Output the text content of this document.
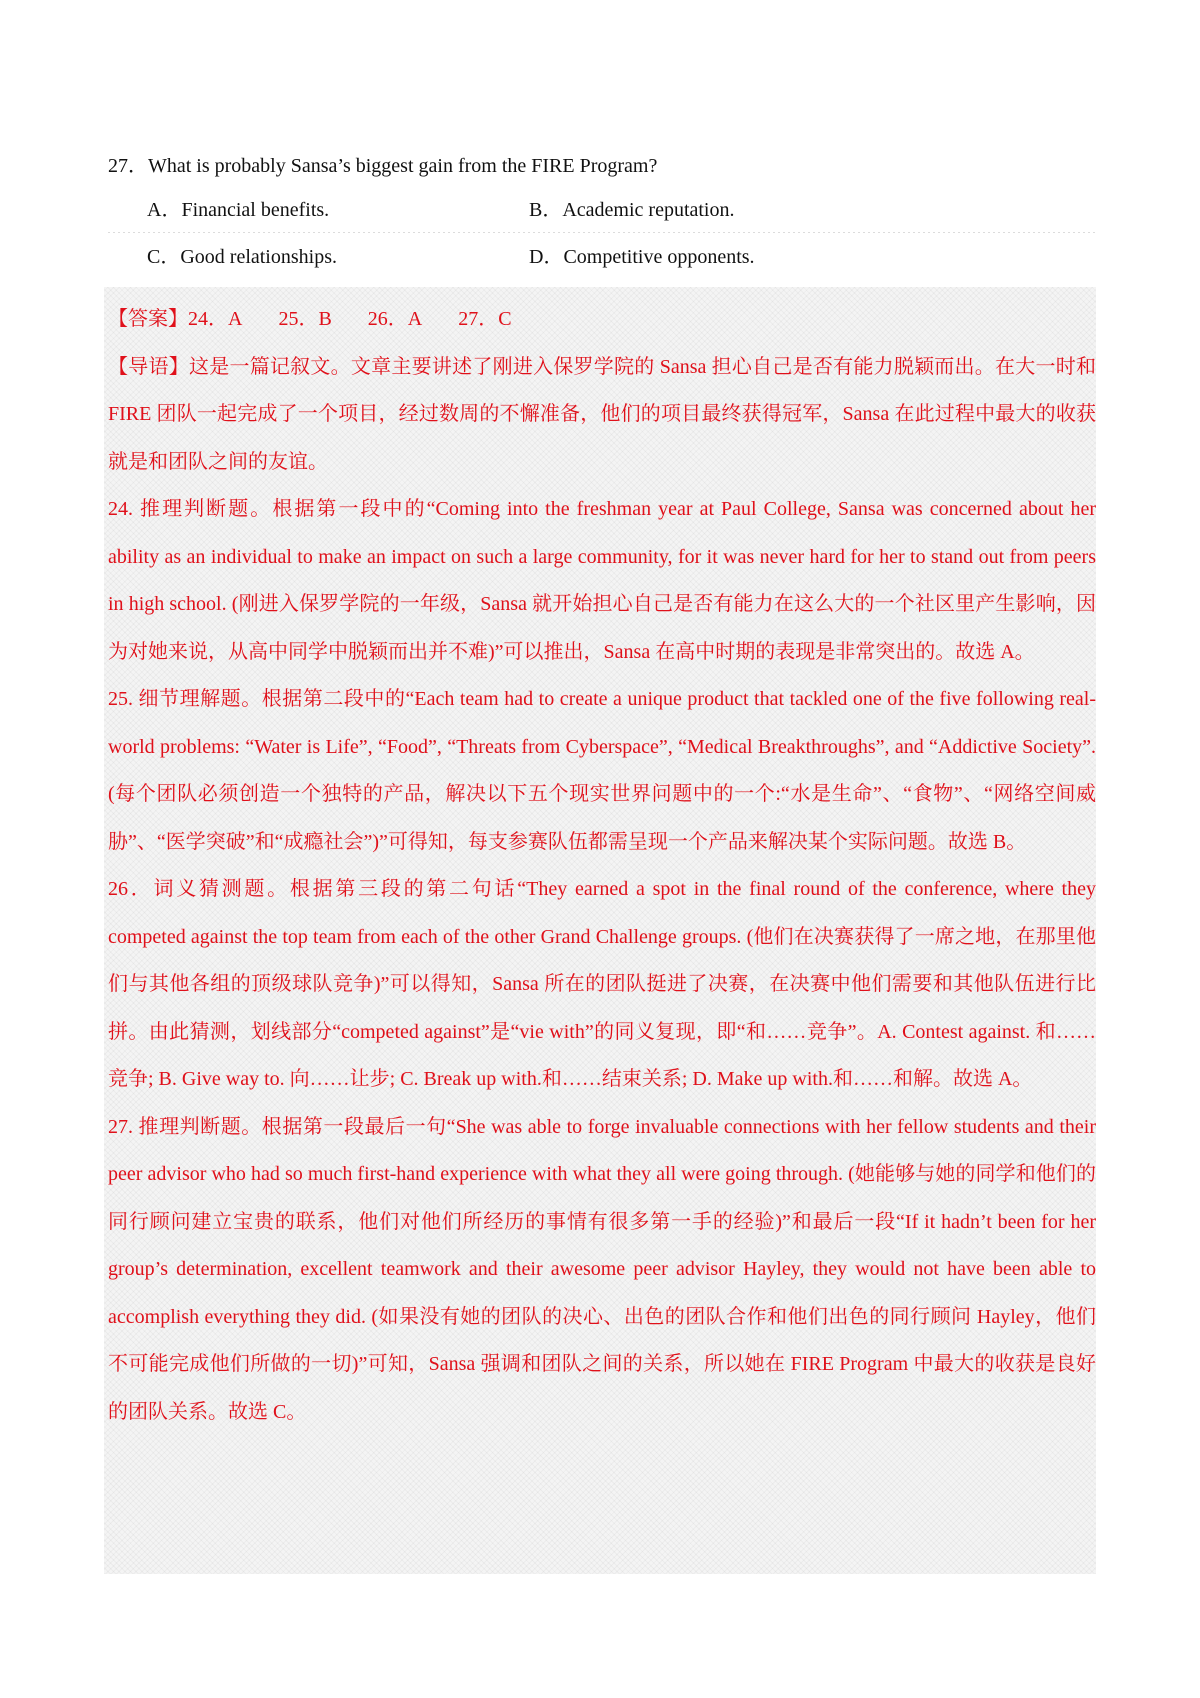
27．What is probably Sansa’s biggest gain from the FIRE Program?
A．Financial benefits.	B．Academic reputation.
C．Good relationships.	D．Competitive opponents.

【答案】24．A 25．B 26．A 27．C

【导语】这是一篇记叙文。文章主要讲述了刚进入保罗学院的 Sansa 担心自己是否有能力脱颖而出。在大一时和 FIRE 团队一起完成了一个项目，经过数周的不懈准备，他们的项目最终获得冠军，Sansa 在此过程中最大的收获就是和团队之间的友谊。

24. 推理判断题。根据第一段中的“Coming into the freshman year at Paul College, Sansa was concerned about her ability as an individual to make an impact on such a large community, for it was never hard for her to stand out from peers in high school. (刚进入保罗学院的一年级，Sansa 就开始担心自己是否有能力在这么大的一个社区里产生影响，因为对她来说，从高中同学中脱颖而出并不难)”可以推出，Sansa 在高中时期的表现是非常突出的。故选 A。

25. 细节理解题。根据第二段中的“Each team had to create a unique product that tackled one of the five following real-world problems: “Water is Life”, “Food”, “Threats from Cyberspace”, “Medical Breakthroughs”, and “Addictive Society”. (每个团队必须创造一个独特的产品，解决以下五个现实世界问题中的一个:“水是生命”、“食物”、“网络空间威胁”、“医学突破”和“成瘾社会”)”可得知，每支参赛队伍都需呈现一个产品来解决某个实际问题。故选 B。

26．词义猜测题。根据第三段的第二句话“They earned a spot in the final round of the conference, where they competed against the top team from each of the other Grand Challenge groups. (他们在决赛获得了一席之地，在那里他们与其他各组的顶级球队竞争)”可以得知，Sansa 所在的团队挺进了决赛，在决赛中他们需要和其他队伍进行比拼。由此猜测，划线部分“competed against”是“vie with”的同义复现，即“和……竞争”。A. Contest against. 和……竞争; B. Give way to. 向……让步; C. Break up with.和……结束关系; D. Make up with.和……和解。故选 A。

27. 推理判断题。根据第一段最后一句“She was able to forge invaluable connections with her fellow students and their peer advisor who had so much first-hand experience with what they all were going through. (她能够与她的同学和他们的同行顾问建立宝贵的联系，他们对他们所经历的事情有很多第一手的经验)”和最后一段“If it hadn’t been for her group’s determination, excellent teamwork and their awesome peer advisor Hayley, they would not have been able to accomplish everything they did. (如果没有她的团队的决心、出色的团队合作和他们出色的同行顾问 Hayley，他们不可能完成他们所做的一切)”可知，Sansa 强调和团队之间的关系，所以她在 FIRE Program 中最大的收获是良好的团队关系。故选 C。
